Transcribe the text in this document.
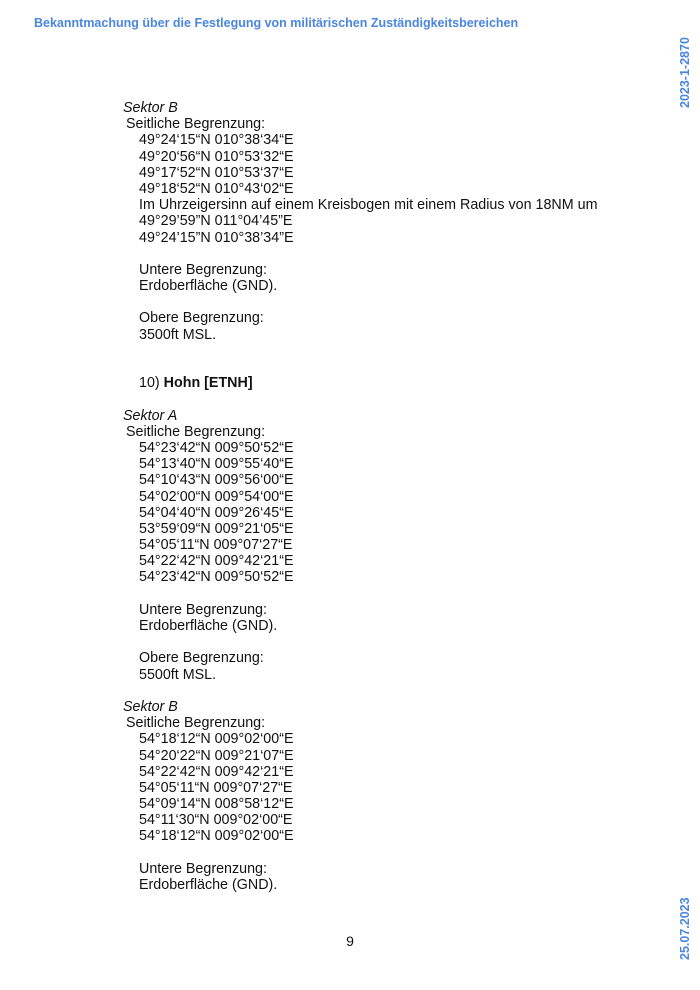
Bekanntmachung über die Festlegung von militärischen Zuständigkeitsbereichen
2023-1-2870
25.07.2023
Sektor B
Seitliche Begrenzung:
49°24‘15“N 010°38‘34“E
49°20‘56“N 010°53‘32“E
49°17‘52“N 010°53‘37“E
49°18‘52“N 010°43‘02“E
Im Uhrzeigersinn auf einem Kreisbogen mit einem Radius von 18NM um
49°29’59”N 011°04’45”E
49°24’15”N 010°38’34”E
Untere Begrenzung:
Erdoberfläche (GND).
Obere Begrenzung:
3500ft MSL.
10) Hohn [ETNH]
Sektor A
Seitliche Begrenzung:
54°23‘42“N 009°50‘52“E
54°13‘40“N 009°55‘40“E
54°10‘43“N 009°56‘00“E
54°02‘00“N 009°54‘00“E
54°04‘40“N 009°26‘45“E
53°59‘09“N 009°21‘05“E
54°05‘11“N 009°07‘27“E
54°22‘42“N 009°42‘21“E
54°23‘42“N 009°50‘52“E
Untere Begrenzung:
Erdoberfläche (GND).
Obere Begrenzung:
5500ft MSL.
Sektor B
Seitliche Begrenzung:
54°18‘12“N 009°02‘00“E
54°20‘22“N 009°21‘07“E
54°22‘42“N 009°42‘21“E
54°05‘11“N 009°07‘27“E
54°09‘14“N 008°58‘12“E
54°11‘30“N 009°02‘00“E
54°18‘12“N 009°02‘00“E
Untere Begrenzung:
Erdoberfläche (GND).
9
